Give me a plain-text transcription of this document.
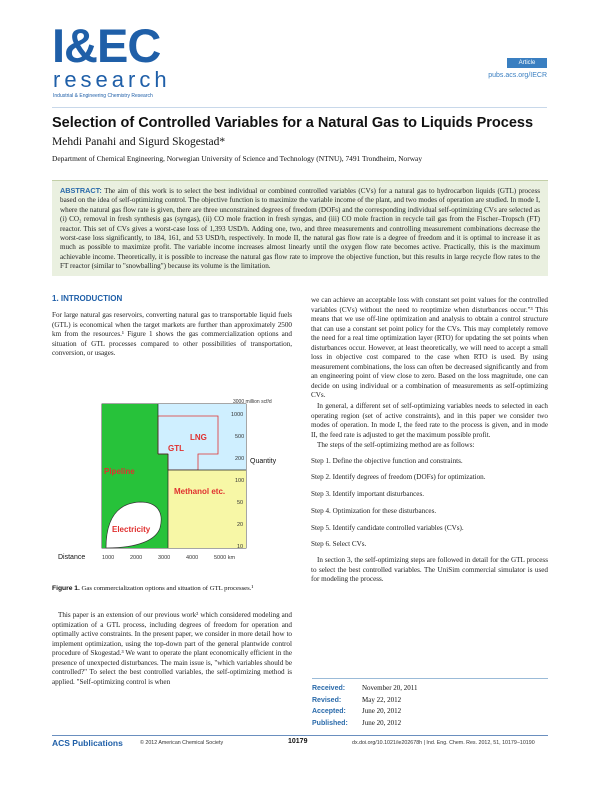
I&EC
research
Industrial & Engineering Chemistry Research
Article
pubs.acs.org/IECR
Selection of Controlled Variables for a Natural Gas to Liquids Process
Mehdi Panahi and Sigurd Skogestad*
Department of Chemical Engineering, Norwegian University of Science and Technology (NTNU), 7491 Trondheim, Norway
ABSTRACT: The aim of this work is to select the best individual or combined controlled variables (CVs) for a natural gas to hydrocarbon liquids (GTL) process based on the idea of self-optimizing control. The objective function is to maximize the variable income of the plant, and two modes of operation are studied. In mode I, where the natural gas flow rate is given, there are three unconstrained degrees of freedom (DOFs) and the corresponding individual self-optimizing CVs are selected as (i) CO₂ removal in fresh synthesis gas (syngas), (ii) CO mole fraction in fresh syngas, and (iii) CO mole fraction in recycle tail gas from the Fischer–Tropsch (FT) reactor. This set of CVs gives a worst-case loss of 1,393 USD/h. Adding one, two, and three measurements and controlling measurement combinations decrease the worst-case loss significantly, to 184, 161, and 53 USD/h, respectively. In mode II, the natural gas flow rate is a degree of freedom and it is optimal to increase it as much as possible to maximize profit. The variable income increases almost linearly until the oxygen flow rate becomes active. Practically, this is the maximum achievable income. Theoretically, it is possible to increase the natural gas flow rate to improve the objective function, but this results in large recycle flow rates to the FT reactor (similar to "snowballing") because its volume is the limitation.
1. INTRODUCTION

For large natural gas reservoirs, converting natural gas to transportable liquid fuels (GTL) is economical when the target markets are further than approximately 2500 km from the resources.¹ Figure 1 shows the gas commercialization options and situation of GTL processes compared to other possibilities of transportation, conversion, or usages.

LNG
GTL
Pipeline
Methanol etc.
Electricity
3000 million scf/d
1000
500
200
100
50
20
10
Quantity
Distance	1000	2000	3000	4000	5000 km
Figure 1. Gas commercialization options and situation of GTL processes.¹

This paper is an extension of our previous work² which considered modeling and optimization of a GTL process, including degrees of freedom for operation and optimally active constraints. In the present paper, we consider in more detail how to implement optimization, using the top-down part of the general plantwide control procedure of Skogestad.³ We want to operate the plant economically efficient in the presence of unexpected disturbances. The main issue is, "which variables should be controlled?" To select the best controlled variables, the self-optimizing method is applied. "Self-optimizing control is when

we can achieve an acceptable loss with constant set point values for the controlled variables (CVs) without the need to reoptimize when disturbances occur."³ This means that we use off-line optimization and analysis to obtain a control structure that can use a constant set point policy for the CVs. This may completely remove the need for a real time optimization layer (RTO) for updating the set points when disturbances occur. However, at least theoretically, we will need to accept a small loss in objective cost compared to the case when RTO is used. By using measurement combinations, the loss can often be decreased significantly and from an engineering point of view close to zero. Based on the loss magnitude, one can decide on using individual or a combination of measurements as self-optimizing CVs.

In general, a different set of self-optimizing variables needs to selected in each operating region (set of active constraints), and in this paper we consider two modes of operation. In mode I, the feed rate to the process is given, and in mode II, the feed rate is adjusted to get the maximum possible profit.

The steps of the self-optimizing method are as follows:

Step 1. Define the objective function and constraints.
Step 2. Identify degrees of freedom (DOFs) for optimization.
Step 3. Identify important disturbances.
Step 4. Optimization for these disturbances.
Step 5. Identify candidate controlled variables (CVs).
Step 6. Select CVs.

In section 3, the self-optimizing steps are followed in detail for the GTL process to select the best controlled variables. The UniSim commercial simulator is used for modeling the process.

Received: November 20, 2011
Revised:	May 22, 2012
Accepted: June 20, 2012
Published: June 20, 2012
ACS Publications	© 2012 American Chemical Society	10179	dx.doi.org/10.1021/ie202678h | Ind. Eng. Chem. Res. 2012, 51, 10179−10190
